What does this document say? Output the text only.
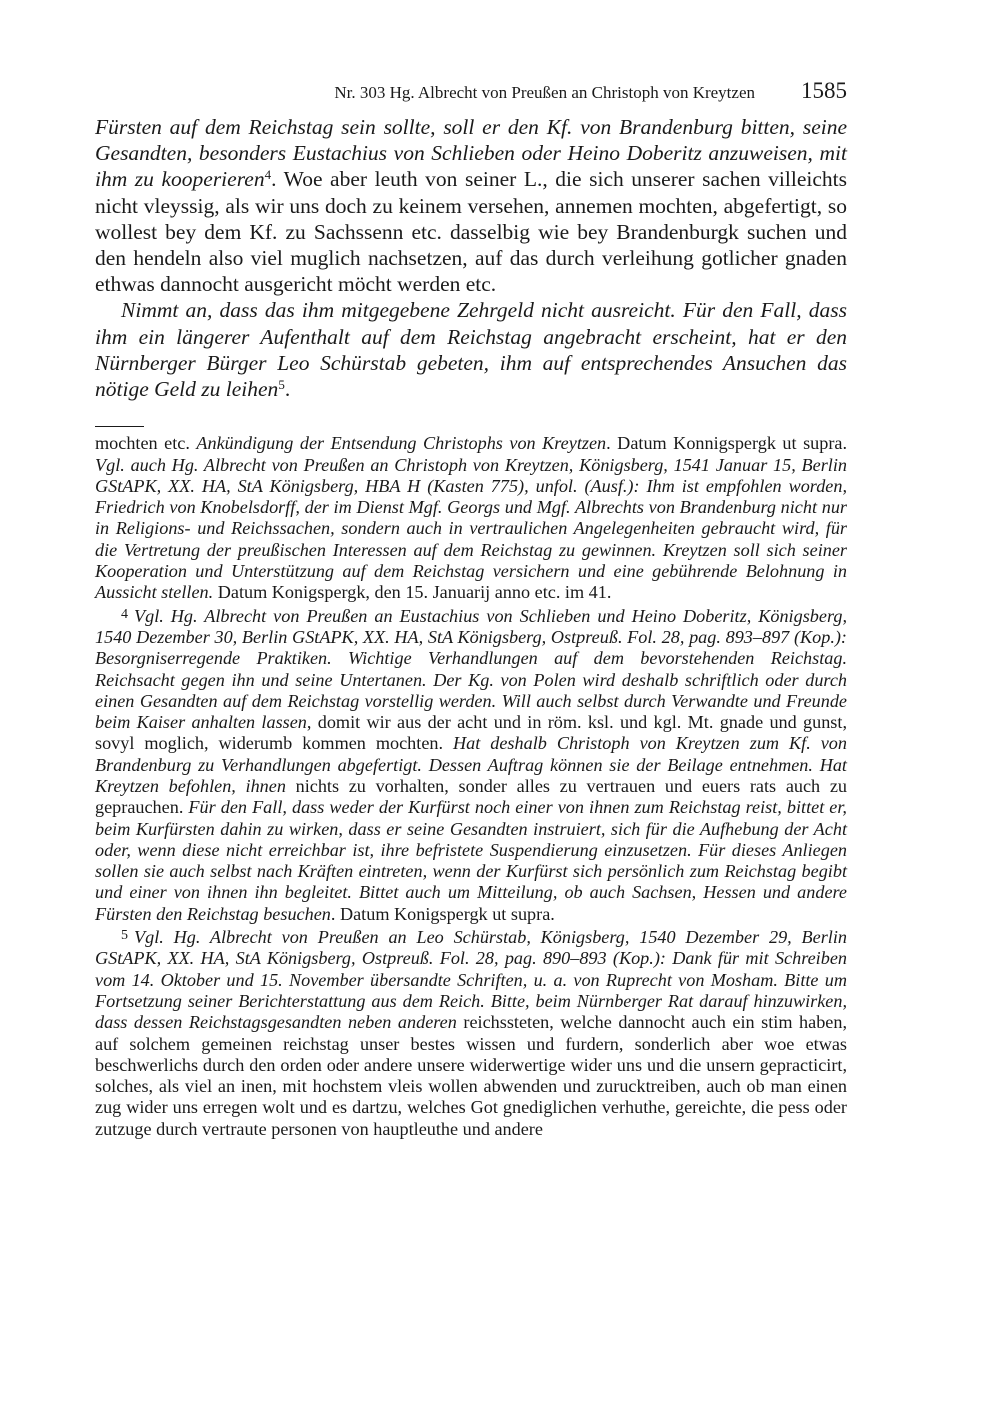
Nr. 303 Hg. Albrecht von Preußen an Christoph von Kreytzen 1585

Fürsten auf dem Reichstag sein sollte, soll er den Kf. von Brandenburg bitten, seine Gesandten, besonders Eustachius von Schlieben oder Heino Doberitz anzuweisen, mit ihm zu kooperieren$^4$. Woe aber leuth von seiner L., die sich unserer sachen villeichts nicht vleyssig, als wir uns doch zu keinem versehen, annemen mochten, abgefertigt, so wollest bey dem Kf. zu Sachssenn etc. dasselbig wie bey Brandenburgk suchen und den hendeln also viel muglich nachsetzen, auf das durch verleihung gotlicher gnaden ethwas dannocht ausgericht möcht werden etc.

Nimmt an, dass das ihm mitgegebene Zehrgeld nicht ausreicht. Für den Fall, dass ihm ein längerer Aufenthalt auf dem Reichstag angebracht erscheint, hat er den Nürnberger Bürger Leo Schürstab gebeten, ihm auf entsprechendes Ansuchen das nötige Geld zu leihen$^5$.

mochten etc. Ankündigung der Entsendung Christophs von Kreytzen. Datum Konnigspergk ut supra. Vgl. auch Hg. Albrecht von Preußen an Christoph von Kreytzen, Königsberg, 1541 Januar 15, Berlin GStAPK, XX. HA, StA Königsberg, HBA H (Kasten 775), unfol. (Ausf.): Ihm ist empfohlen worden, Friedrich von Knobelsdorff, der im Dienst Mgf. Georgs und Mgf. Albrechts von Brandenburg nicht nur in Religions- und Reichssachen, sondern auch in vertraulichen Angelegenheiten gebraucht wird, für die Vertretung der preußischen Interessen auf dem Reichstag zu gewinnen. Kreytzen soll sich seiner Kooperation und Unterstützung auf dem Reichstag versichern und eine gebührende Belohnung in Aussicht stellen. Datum Konigspergk, den 15. Januarij anno etc. im 41.

$^4$ Vgl. Hg. Albrecht von Preußen an Eustachius von Schlieben und Heino Doberitz, Königsberg, 1540 Dezember 30, Berlin GStAPK, XX. HA, StA Königsberg, Ostpreuß. Fol. 28, pag. 893–897 (Kop.): Besorgniserregende Praktiken. Wichtige Verhandlungen auf dem bevorstehenden Reichstag. Reichsacht gegen ihn und seine Untertanen. Der Kg. von Polen wird deshalb schriftlich oder durch einen Gesandten auf dem Reichstag vorstellig werden. Will auch selbst durch Verwandte und Freunde beim Kaiser anhalten lassen, domit wir aus der acht und in röm. ksl. und kgl. Mt. gnade und gunst, sovyl moglich, widerumb kommen mochten. Hat deshalb Christoph von Kreytzen zum Kf. von Brandenburg zu Verhandlungen abgefertigt. Dessen Auftrag können sie der Beilage entnehmen. Hat Kreytzen befohlen, ihnen nichts zu vorhalten, sonder alles zu vertrauen und euers rats auch zu geprauchen. Für den Fall, dass weder der Kurfürst noch einer von ihnen zum Reichstag reist, bittet er, beim Kurfürsten dahin zu wirken, dass er seine Gesandten instruiert, sich für die Aufhebung der Acht oder, wenn diese nicht erreichbar ist, ihre befristete Suspendierung einzusetzen. Für dieses Anliegen sollen sie auch selbst nach Kräften eintreten, wenn der Kurfürst sich persönlich zum Reichstag begibt und einer von ihnen ihn begleitet. Bittet auch um Mitteilung, ob auch Sachsen, Hessen und andere Fürsten den Reichstag besuchen. Datum Konigspergk ut supra.

$^5$ Vgl. Hg. Albrecht von Preußen an Leo Schürstab, Königsberg, 1540 Dezember 29, Berlin GStAPK, XX. HA, StA Königsberg, Ostpreuß. Fol. 28, pag. 890–893 (Kop.): Dank für mit Schreiben vom 14. Oktober und 15. November übersandte Schriften, u. a. von Ruprecht von Mosham. Bitte um Fortsetzung seiner Berichterstattung aus dem Reich. Bitte, beim Nürnberger Rat darauf hinzuwirken, dass dessen Reichstagsgesandten neben anderen reichssteten, welche dannocht auch ein stim haben, auf solchem gemeinen reichstag unser bestes wissen und furdern, sonderlich aber woe etwas beschwerlichs durch den orden oder andere unsere widerwertige wider uns und die unsern gepracticirt, solches, als viel an inen, mit hochstem vleis wollen abwenden und zurucktreiben, auch ob man einen zug wider uns erregen wolt und es dartzu, welches Got gnediglichen verhuthe, gereichte, die pess oder zutzuge durch vertraute personen von hauptleuthe und andere
